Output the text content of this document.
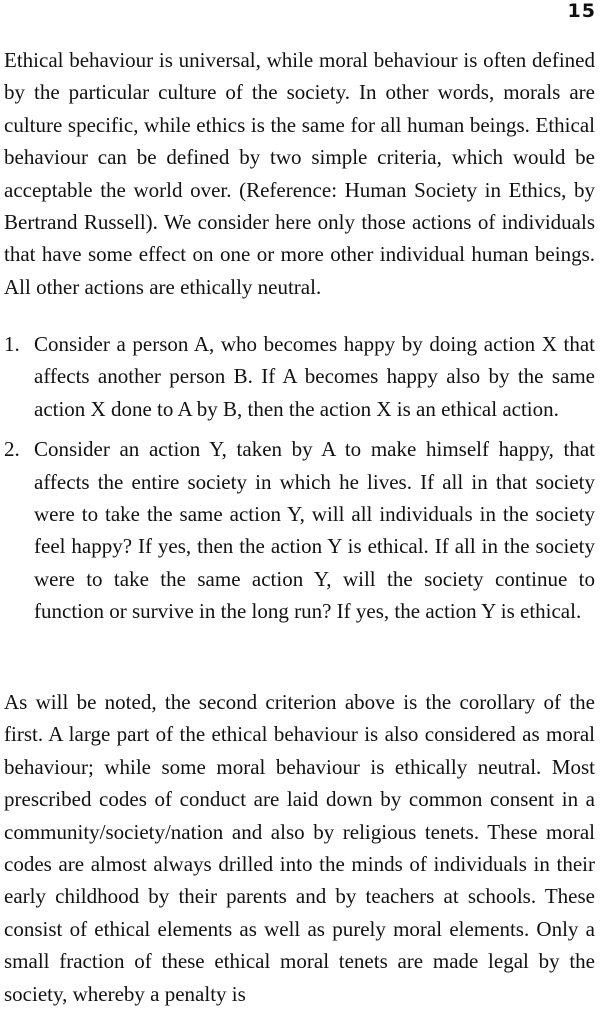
15

Ethical behaviour is universal, while moral behaviour is often defined by the particular culture of the society. In other words, morals are culture specific, while ethics is the same for all human beings. Ethical behaviour can be defined by two simple criteria, which would be acceptable the world over. (Reference: Human Society in Ethics, by Bertrand Russell). We consider here only those actions of individuals that have some effect on one or more other individual human beings. All other actions are ethically neutral.

1. Consider a person A, who becomes happy by doing action X that affects another person B. If A becomes happy also by the same action X done to A by B, then the action X is an ethical action.
2. Consider an action Y, taken by A to make himself happy, that affects the entire society in which he lives. If all in that society were to take the same action Y, will all individuals in the society feel happy? If yes, then the action Y is ethical. If all in the society were to take the same action Y, will the society continue to function or survive in the long run? If yes, the action Y is ethical.

As will be noted, the second criterion above is the corollary of the first. A large part of the ethical behaviour is also considered as moral behaviour; while some moral behaviour is ethically neutral. Most prescribed codes of conduct are laid down by common consent in a community/society/nation and also by religious tenets. These moral codes are almost always drilled into the minds of individuals in their early childhood by their parents and by teachers at schools. These consist of ethical elements as well as purely moral elements. Only a small fraction of these ethical moral tenets are made legal by the society, whereby a penalty is
